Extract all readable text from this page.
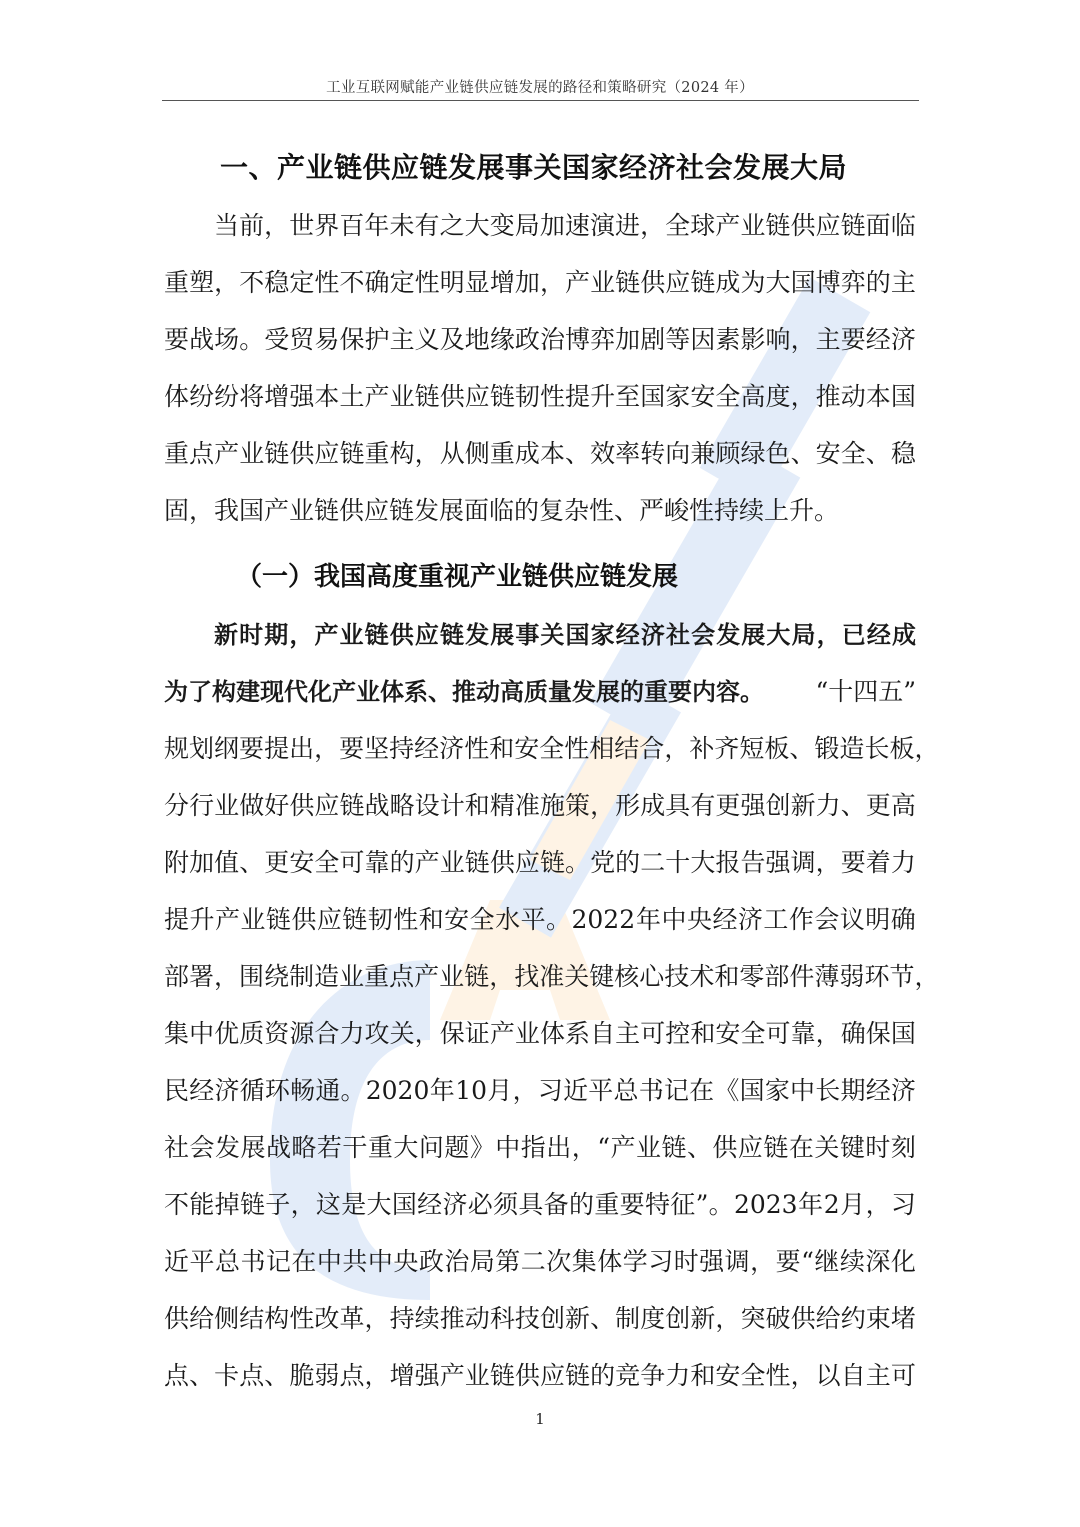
工业互联网赋能产业链供应链发展的路径和策略研究（2024 年）
一、产业链供应链发展事关国家经济社会发展大局
当 前 ， 世 界 百 年 未 有 之 大 变 局 加 速 演 进 ， 全 球 产 业 链 供 应 链 面 临
重 塑 ， 不 稳 定 性 不 确 定 性 明 显 增 加 ， 产 业 链 供 应 链 成 为 大 国 博 弈 的 主
要 战 场 。 受 贸 易 保 护 主 义 及 地 缘 政 治 博 弈 加 剧 等 因 素 影 响 ， 主 要 经 济
体 纷 纷 将 增 强 本 土 产 业 链 供 应 链 韧 性 提 升 至 国 家 安 全 高 度 ， 推 动 本 国
重 点 产 业 链 供 应 链 重 构 ， 从 侧 重 成 本 、 效 率 转 向 兼 顾 绿 色 、 安 全 、 稳
固，我国产业链供应链发展面临的复杂性、严峻性持续上升。
（一）我国高度重视产业链供应链发展
新 时 期 ， 产 业 链 供 应 链 发 展 事 关 国 家 经 济 社 会 发 展 大 局 ， 已 经 成
为了构建现代化产业体系、推动高质量发展的重要内容。 “十四五”
规 划 纲 要 提 出 ， 要 坚 持 经 济 性 和 安 全 性 相 结 合 ， 补 齐 短 板 、 锻 造 长 板 ，
分 行 业 做 好 供 应 链 战 略 设 计 和 精 准 施 策 ， 形 成 具 有 更 强 创 新 力 、 更 高
附 加 值 、 更 安 全 可 靠 的 产 业 链 供 应 链 。 党 的 二 十 大 报 告 强 调 ， 要 着 力
提 升 产 业 链 供 应 链 韧 性 和 安 全 水 平 。 2022 年 中 央 经 济 工 作 会 议 明 确
部 署 ， 围 绕 制 造 业 重 点 产 业 链 ， 找 准 关 键 核 心 技 术 和 零 部 件 薄 弱 环 节 ，
集 中 优 质 资 源 合 力 攻 关 ， 保 证 产 业 体 系 自 主 可 控 和 安 全 可 靠 ， 确 保 国
民 经 济 循 环 畅 通 。 2020 年 10 月 ， 习 近 平 总 书 记 在 《 国 家 中 长 期 经 济
社 会 发 展 战 略 若 干 重 大 问 题 》 中 指 出 ， “ 产 业 链 、 供 应 链 在 关 键 时 刻
不 能 掉 链 子 ， 这 是 大 国 经 济 必 须 具 备 的 重 要 特 征 ” 。 2023 年 2 月 ， 习
近 平 总 书 记 在 中 共 中 央 政 治 局 第 二 次 集 体 学 习 时 强 调 ， 要 “ 继 续 深 化
供 给 侧 结 构 性 改 革 ， 持 续 推 动 科 技 创 新 、 制 度 创 新 ， 突 破 供 给 约 束 堵
点 、 卡 点 、 脆 弱 点 ， 增 强 产 业 链 供 应 链 的 竞 争 力 和 安 全 性 ， 以 自 主 可
1
